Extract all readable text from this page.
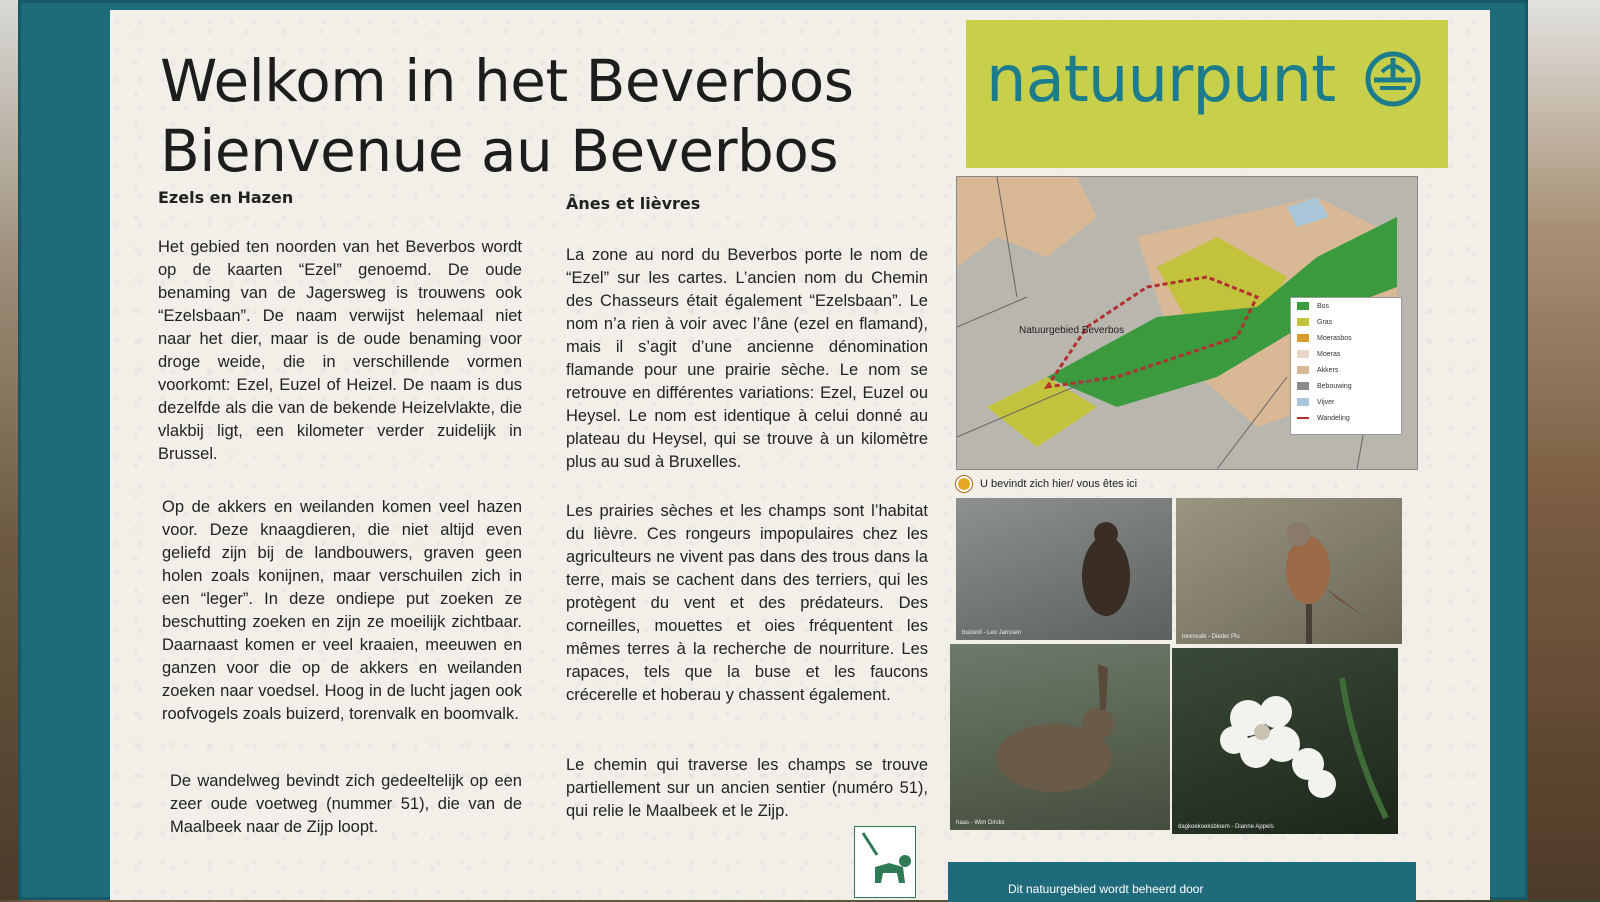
Welkom in het Beverbos
Bienvenue au Beverbos
Ezels en Hazen	Ânes et lièvres

Het gebied ten noorden van het Beverbos wordt op de kaarten “Ezel” genoemd. De oude benaming van de Jagersweg is trouwens ook “Ezelsbaan”. De naam verwijst helemaal niet naar het dier, maar is de oude benaming voor droge weide, die in verschillende vormen voorkomt: Ezel, Euzel of Heizel. De naam is dus dezelfde als die van de bekende Heizelvlakte, die vlakbij ligt, een kilometer verder zuidelijk in Brussel.

Op de akkers en weilanden komen veel hazen voor. Deze knaagdieren, die niet altijd even geliefd zijn bij de landbouwers, graven geen holen zoals konijnen, maar verschuilen zich in een “leger”. In deze ondiepe put zoeken ze beschutting zoeken en zijn ze moeilijk zichtbaar. Daarnaast komen er veel kraaien, meeuwen en ganzen voor die op de akkers en weilanden zoeken naar voedsel. Hoog in de lucht jagen ook roofvogels zoals buizerd, torenvalk en boomvalk.

De wandelweg bevindt zich gedeeltelijk op een zeer oude voetweg (nummer 51), die van de Maalbeek naar de Zijp loopt.

La zone au nord du Beverbos porte le nom de “Ezel” sur les cartes. L’ancien nom du Chemin des Chasseurs était également “Ezelsbaan”. Le nom n’a rien à voir avec l’âne (ezel en flamand), mais il s’agit d’une ancienne dénomination flamande pour une prairie sèche. Le nom se retrouve en différentes variations: Ezel, Euzel ou Heysel. Le nom est identique à celui donné au plateau du Heysel, qui se trouve à un kilomètre plus au sud à Bruxelles.

Les prairies sèches et les champs sont l’habitat du lièvre. Ces rongeurs impopulaires chez les agriculteurs ne vivent pas dans des trous dans la terre, mais se cachent dans des terriers, qui les protègent du vent et des prédateurs. Des corneilles, mouettes et oies fréquentent les mêmes terres à la recherche de nourriture. Les rapaces, tels que la buse et les faucons crécerelle et hoberau y chassent également.

Le chemin qui traverse les champs se trouve partiellement sur un ancien sentier (numéro 51), qui relie le Maalbeek et le Zijp.

natuurpunt
Natuurgebied Beverbos
Bos
Gras
Moerasbos
Moeras
Akkers
Bebouwing
Vijver
Wandeling
U bevindt zich hier/ vous êtes ici
buizerd - Leo Janssen
torenvalk - Dieder Plu
haas - Wim Dirckx
dagkoekoeksbloem - Dianne Appels
Dit natuurgebied wordt beheerd door
